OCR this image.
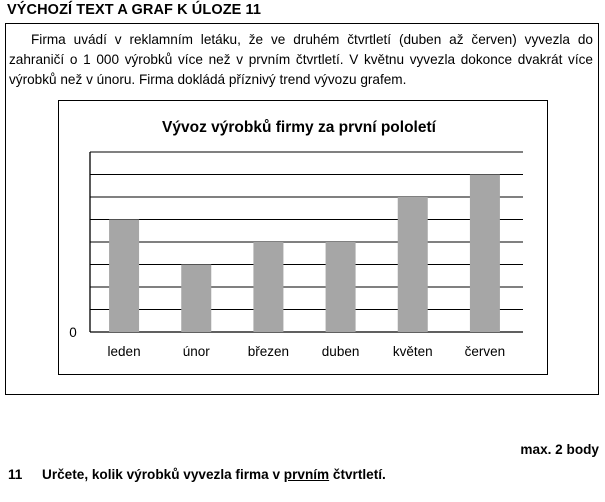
VÝCHOZÍ TEXT A GRAF K ÚLOZE 11
Firma uvádí v reklamním letáku, že ve druhém čtvrtletí (duben až červen) vyvezla do zahraničí o 1 000 výrobků více než v prvním čtvrtletí. V květnu vyvezla dokonce dvakrát více výrobků než v únoru. Firma dokládá příznivý trend vývozu grafem.
Vývoz výrobků firmy za první pololetí
leden	únor	březen duben květen červen
0
max. 2 body
11 Určete, kolik výrobků vyvezla firma v prvním čtvrtletí.
